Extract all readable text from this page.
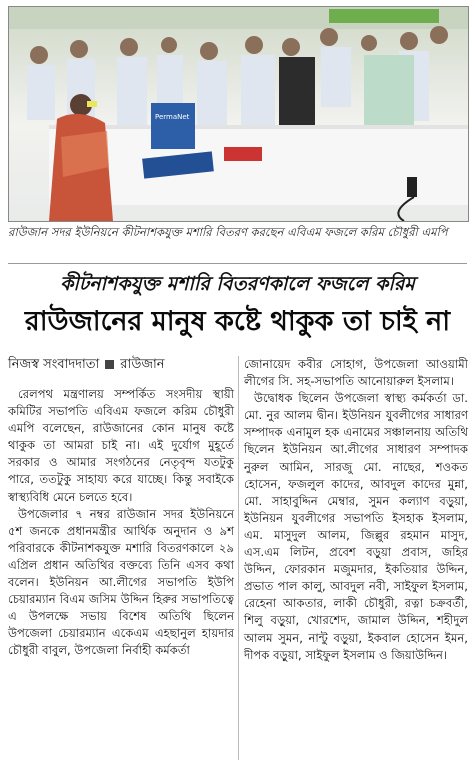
PermaNet
রাউজান সদর ইউনিয়নে কীটনাশকযুক্ত মশারি বিতরণ করছেন এবিএম ফজলে করিম চৌধুরী এমপি
কীটনাশকযুক্ত মশারি বিতরণকালে ফজলে করিম
রাউজানের মানুষ কষ্টে থাকুক তা চাই না
নিজস্ব সংবাদদাতা রাউজান

রেলপথ মন্ত্রণালয় সম্পর্কিত সংসদীয় স্থায়ী কমিটির সভাপতি এবিএম ফজলে করিম চৌধুরী এমপি বলেছেন, রাউজানের কোন মানুষ কষ্টে থাকুক তা আমরা চাই না। এই দুর্যোগ মুহূর্তে সরকার ও আমার সংগঠনের নেতৃবৃন্দ যতটুকু পারে, ততটুকু সাহায্য করে যাচ্ছে। কিন্তু সবাইকে স্বাস্থ্যবিধি মেনে চলতে হবে।

উপজেলার ৭ নম্বর রাউজান সদর ইউনিয়নে ৫শ জনকে প্রধানমন্ত্রীর আর্থিক অনুদান ও ৯শ পরিবারকে কীটনাশকযুক্ত মশারি বিতরণকালে ২৯ এপ্রিল প্রধান অতিথির বক্তব্যে তিনি এসব কথা বলেন। ইউনিয়ন আ.লীগের সভাপতি ইউপি চেয়ারম্যান বিএম জসিম উদ্দিন হিরুর সভাপতিত্বে এ উপলক্ষে সভায় বিশেষ অতিথি ছিলেন উপজেলা চেয়ারম্যান একেএম এহছানুল হায়দার চৌধুরী বাবুল, উপজেলা নির্বাহী কর্মকর্তা

জোনায়েদ কবীর সোহাগ, উপজেলা আওয়ামী লীগের সি. সহ-সভাপতি আনোয়ারুল ইসলাম।

উদ্বোধক ছিলেন উপজেলা স্বাস্থ্য কর্মকর্তা ডা. মো. নুর আলম দ্বীন। ইউনিয়ন যুবলীগের সাধারণ সম্পাদক এনামুল হক এনামের সঞ্চালনায় অতিথি ছিলেন ইউনিয়ন আ.লীগের সাধারণ সম্পাদক নুরুল আমিন, সারজু মো. নাছের, শওকত হোসেন, ফজলুল কাদের, আবদুল কাদের মুন্না, মো. সাহাবুদ্দিন মেম্বার, সুমন কল্যাণ বড়ুয়া, ইউনিয়ন যুবলীগের সভাপতি ইসহাক ইসলাম, এম. মাসুদুল আলম, জিল্লুর রহমান মাসুদ, এস.এম লিটন, প্রবেশ বড়ুয়া প্রবাস, জহির উদ্দিন, ফোরকান মজুমদার, ইকতিয়ার উদ্দিন, প্রভাত পাল কালু, আবদুল নবী, সাইফুল ইসলাম, রেহেনা আকতার, লাকী চৌধুরী, রত্না চক্রবর্তী, শিলু বড়ুয়া, খোরশেদ, জামাল উদ্দিন, শহীদুল আলম সুমন, নান্টু বড়ুয়া, ইকবাল হোসেন ইমন, দীপক বড়ুয়া, সাইফুল ইসলাম ও জিয়াউদ্দিন।
